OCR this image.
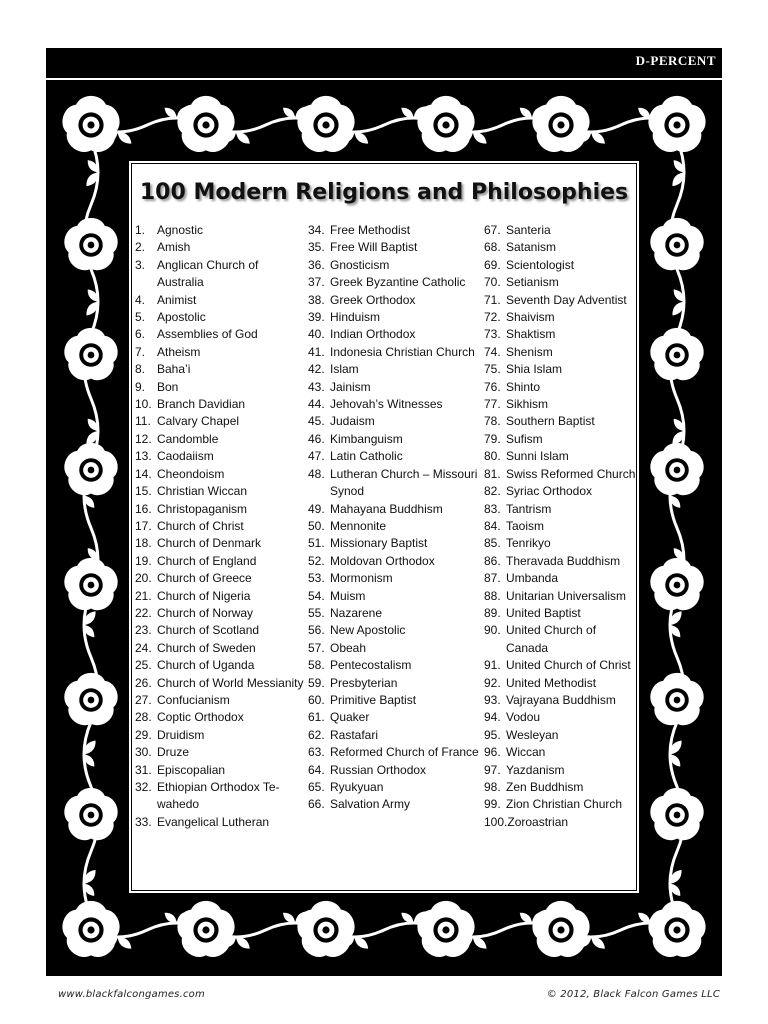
D-PERCENT
100 Modern Religions and Philosophies
1. Agnostic
2. Amish
3. Anglican Church of Australia
4. Animist
5. Apostolic
6. Assemblies of God
7. Atheism
8. Baha’i
9. Bon
10. Branch Davidian
11. Calvary Chapel
12. Candomble
13. Caodaiism
14. Cheondoism
15. Christian Wiccan
16. Christopaganism
17. Church of Christ
18. Church of Denmark
19. Church of England
20. Church of Greece
21. Church of Nigeria
22. Church of Norway
23. Church of Scotland
24. Church of Sweden
25. Church of Uganda
26. Church of World Messianity
27. Confucianism
28. Coptic Orthodox
29. Druidism
30. Druze
31. Episcopalian
32. Ethiopian Orthodox Te-wahedo
33. Evangelical Lutheran
34. Free Methodist
35. Free Will Baptist
36. Gnosticism
37. Greek Byzantine Catholic
38. Greek Orthodox
39. Hinduism
40. Indian Orthodox
41. Indonesia Christian Church
42. Islam
43. Jainism
44. Jehovah’s Witnesses
45. Judaism
46. Kimbanguism
47. Latin Catholic
48. Lutheran Church – Missouri Synod
49. Mahayana Buddhism
50. Mennonite
51. Missionary Baptist
52. Moldovan Orthodox
53. Mormonism
54. Muism
55. Nazarene
56. New Apostolic
57. Obeah
58. Pentecostalism
59. Presbyterian
60. Primitive Baptist
61. Quaker
62. Rastafari
63. Reformed Church of France
64. Russian Orthodox
65. Ryukyuan
66. Salvation Army
67. Santeria
68. Satanism
69. Scientologist
70. Setianism
71. Seventh Day Adventist
72. Shaivism
73. Shaktism
74. Shenism
75. Shia Islam
76. Shinto
77. Sikhism
78. Southern Baptist
79. Sufism
80. Sunni Islam
81. Swiss Reformed Church
82. Syriac Orthodox
83. Tantrism
84. Taoism
85. Tenrikyo
86. Theravada Buddhism
87. Umbanda
88. Unitarian Universalism
89. United Baptist
90. United Church of Canada
91. United Church of Christ
92. United Methodist
93. Vajrayana Buddhism
94. Vodou
95. Wesleyan
96. Wiccan
97. Yazdanism
98. Zen Buddhism
99. Zion Christian Church
100. Zoroastrian
www.blackfalcongames.com	© 2012, Black Falcon Games LLC
